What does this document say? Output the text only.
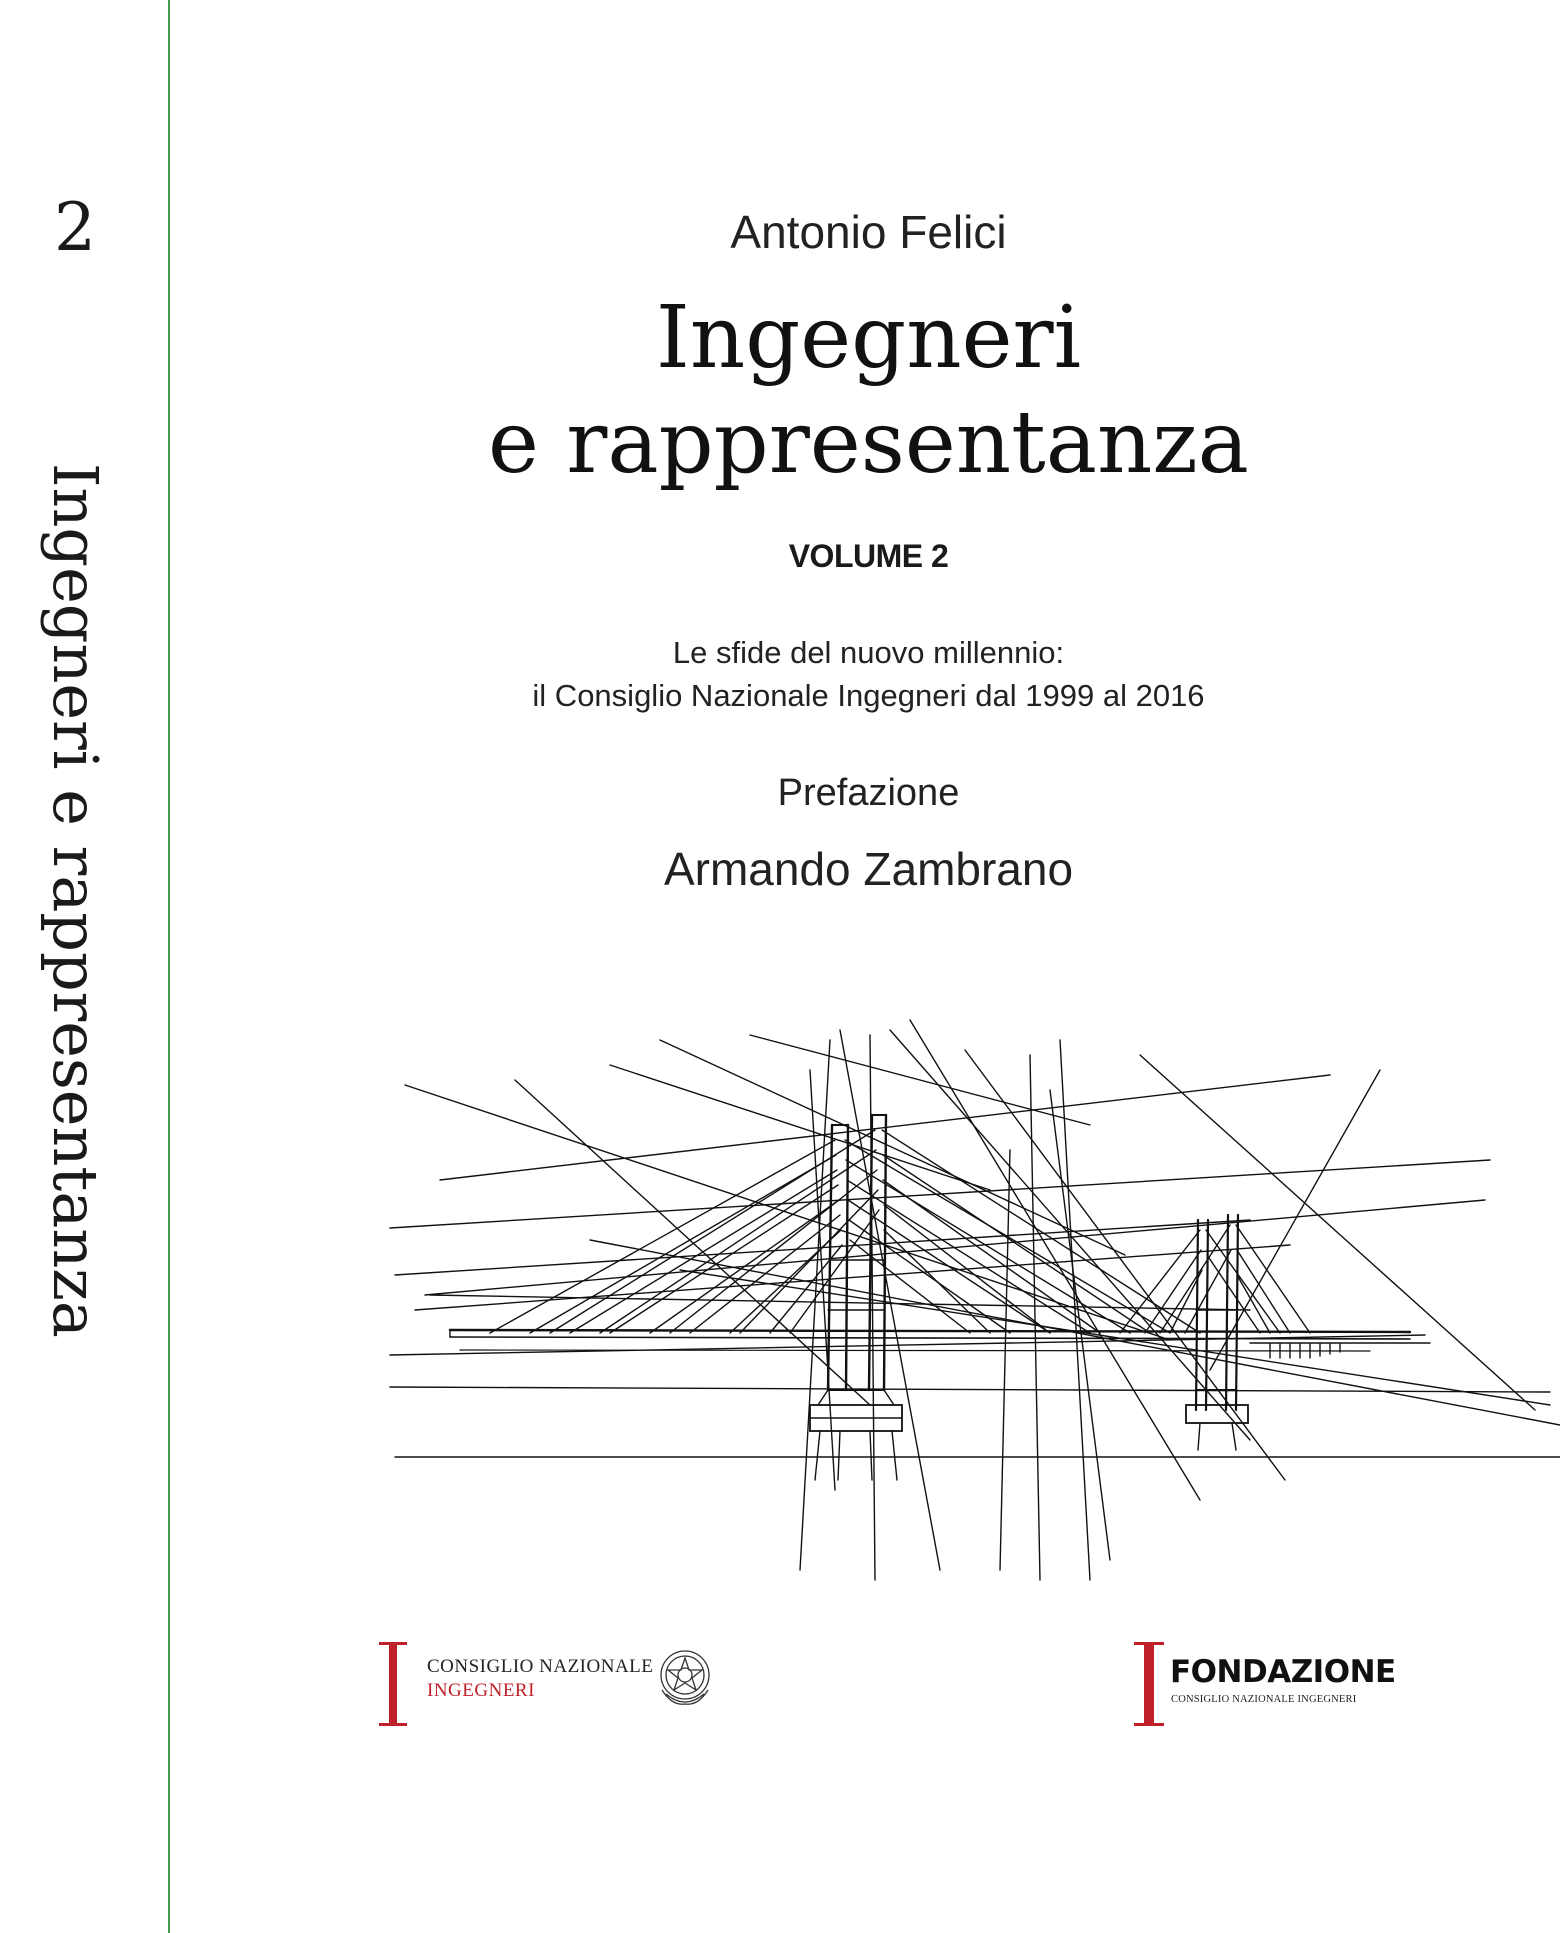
2
Ingegneri e rappresentanza
Antonio Felici
Ingegneri
e rappresentanza
VOLUME 2
Le sfide del nuovo millennio:
il Consiglio Nazionale Ingegneri dal 1999 al 2016
Prefazione
Armando Zambrano
CONSIGLIO NAZIONALE
INGEGNERI
FONDAZIONE
CONSIGLIO NAZIONALE INGEGNERI
